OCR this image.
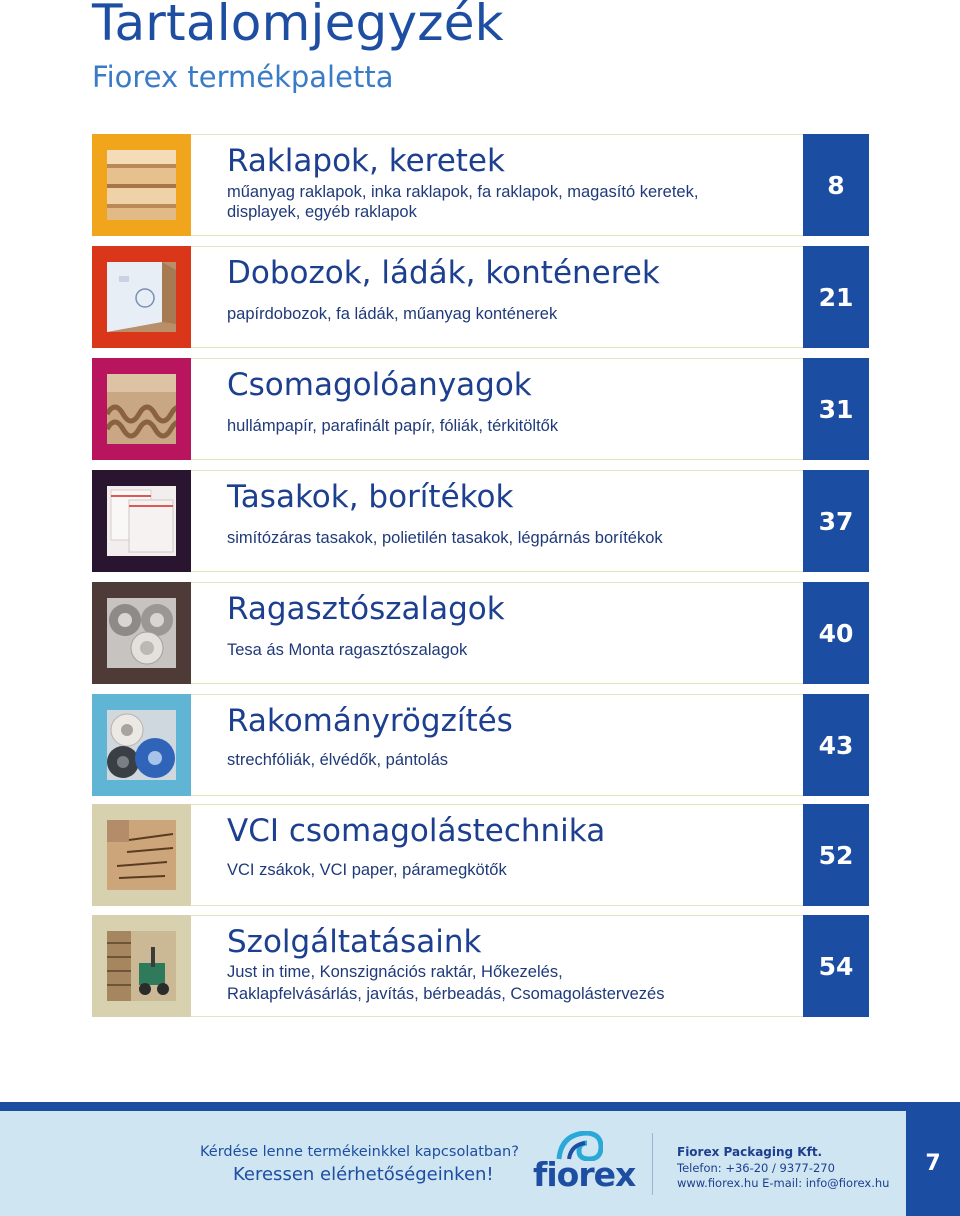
Tartalomjegyzék
Fiorex termékpaletta
Raklapok, keretek
műanyag raklapok, inka raklapok, fa raklapok, magasító keretek,
displayek, egyéb raklapok
8
Dobozok, ládák, konténerek
papírdobozok, fa ládák, műanyag konténerek
21
Csomagolóanyagok
hullámpapír, parafinált papír, fóliák, térkitöltők
31
Tasakok, borítékok
simítózáras tasakok, polietilén tasakok, légpárnás borítékok
37
Ragasztószalagok
Tesa ás Monta ragasztószalagok
40
Rakományrögzítés
strechfóliák, élvédők, pántolás
43
VCI csomagolástechnika
VCI zsákok, VCI paper, páramegkötők
52
Szolgáltatásaink
Just in time, Konszignációs raktár, Hőkezelés,
Raklapfelvásárlás, javítás, bérbeadás, Csomagolástervezés
54
Kérdése lenne termékeinkkel kapcsolatban?
Keressen elérhetőségeinken! fiorex
Fiorex Packaging Kft.
Telefon: +36-20 / 9377-270
www.fiorex.hu E-mail: info@fiorex.hu
7
